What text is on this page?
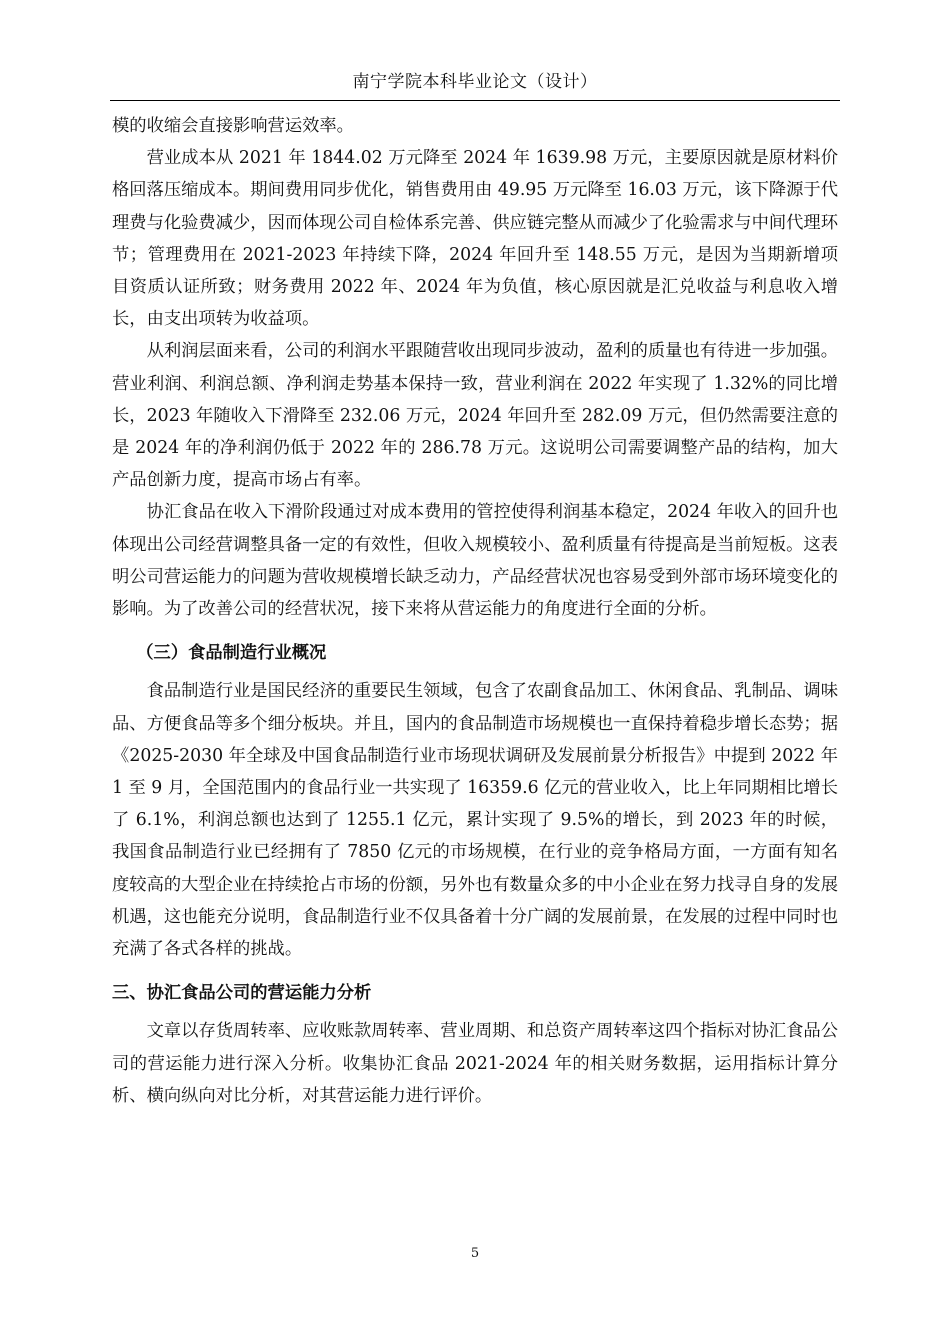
南宁学院本科毕业论文（设计）

模的收缩会直接影响营运效率。

营业成本从 2021 年 1844.02 万元降至 2024 年 1639.98 万元，主要原因就是原材料价格回落压缩成本。期间费用同步优化，销售费用由 49.95 万元降至 16.03 万元，该下降源于代理费与化验费减少，因而体现公司自检体系完善、供应链完整从而减少了化验需求与中间代理环节；管理费用在 2021-2023 年持续下降，2024 年回升至 148.55 万元，是因为当期新增项目资质认证所致；财务费用 2022 年、2024 年为负值，核心原因就是汇兑收益与利息收入增长，由支出项转为收益项。

从利润层面来看，公司的利润水平跟随营收出现同步波动，盈利的质量也有待进一步加强。营业利润、利润总额、净利润走势基本保持一致，营业利润在 2022 年实现了 1.32%的同比增长，2023 年随收入下滑降至 232.06 万元，2024 年回升至 282.09 万元，但仍然需要注意的是 2024 年的净利润仍低于 2022 年的 286.78 万元。这说明公司需要调整产品的结构，加大产品创新力度，提高市场占有率。

协汇食品在收入下滑阶段通过对成本费用的管控使得利润基本稳定，2024 年收入的回升也体现出公司经营调整具备一定的有效性，但收入规模较小、盈利质量有待提高是当前短板。这表明公司营运能力的问题为营收规模增长缺乏动力，产品经营状况也容易受到外部市场环境变化的影响。为了改善公司的经营状况，接下来将从营运能力的角度进行全面的分析。

（三）食品制造行业概况

食品制造行业是国民经济的重要民生领域，包含了农副食品加工、休闲食品、乳制品、调味品、方便食品等多个细分板块。并且，国内的食品制造市场规模也一直保持着稳步增长态势；据《2025-2030 年全球及中国食品制造行业市场现状调研及发展前景分析报告》中提到 2022 年 1 至 9 月，全国范围内的食品行业一共实现了 16359.6 亿元的营业收入，比上年同期相比增长了 6.1%，利润总额也达到了 1255.1 亿元，累计实现了 9.5%的增长，到 2023 年的时候，我国食品制造行业已经拥有了 7850 亿元的市场规模，在行业的竞争格局方面，一方面有知名度较高的大型企业在持续抢占市场的份额，另外也有数量众多的中小企业在努力找寻自身的发展机遇，这也能充分说明，食品制造行业不仅具备着十分广阔的发展前景，在发展的过程中同时也充满了各式各样的挑战。

三、协汇食品公司的营运能力分析

文章以存货周转率、应收账款周转率、营业周期、和总资产周转率这四个指标对协汇食品公司的营运能力进行深入分析。收集协汇食品 2021-2024 年的相关财务数据，运用指标计算分析、横向纵向对比分析，对其营运能力进行评价。

5
